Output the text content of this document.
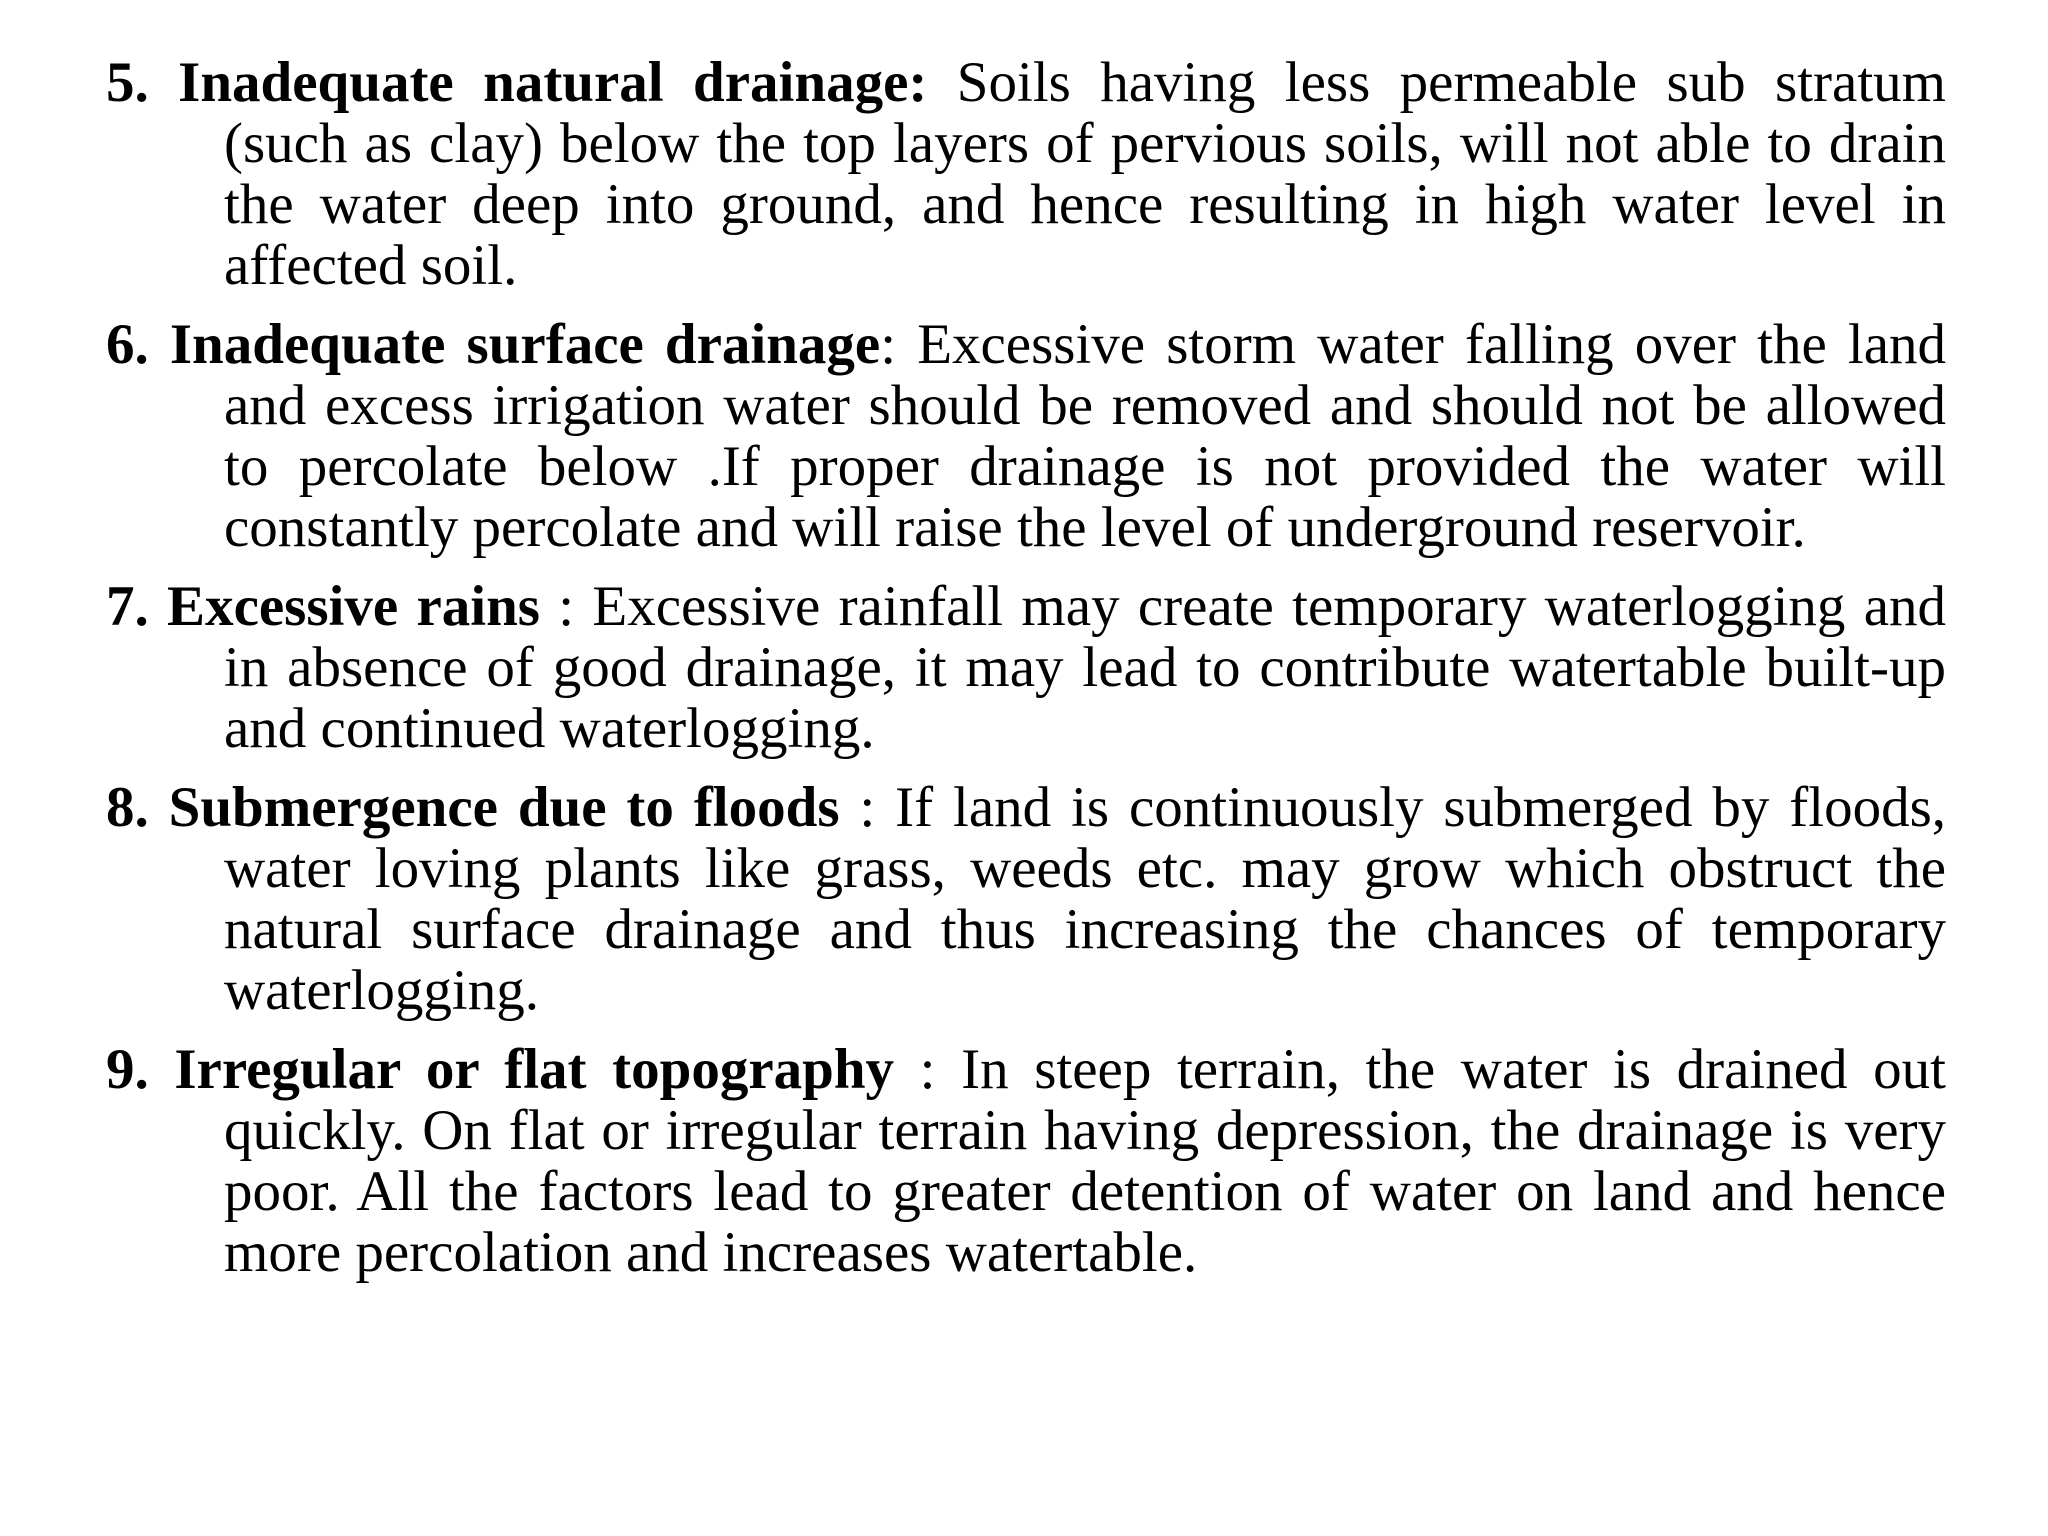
5. Inadequate natural drainage: Soils having less permeable sub stratum (such as clay) below the top layers of pervious soils, will not able to drain the water deep into ground, and hence resulting in high water level in affected soil.

6. Inadequate surface drainage: Excessive storm water falling over the land and excess irrigation water should be removed and should not be allowed to percolate below .If proper drainage is not provided the water will constantly percolate and will raise the level of underground reservoir.

7. Excessive rains : Excessive rainfall may create temporary waterlogging and in absence of good drainage, it may lead to contribute watertable built-up and continued waterlogging.

8. Submergence due to floods : If land is continuously submerged by floods, water loving plants like grass, weeds etc. may grow which obstruct the natural surface drainage and thus increasing the chances of temporary waterlogging.

9. Irregular or flat topography : In steep terrain, the water is drained out quickly. On flat or irregular terrain having depression, the drainage is very poor. All the factors lead to greater detention of water on land and hence more percolation and increases watertable.
